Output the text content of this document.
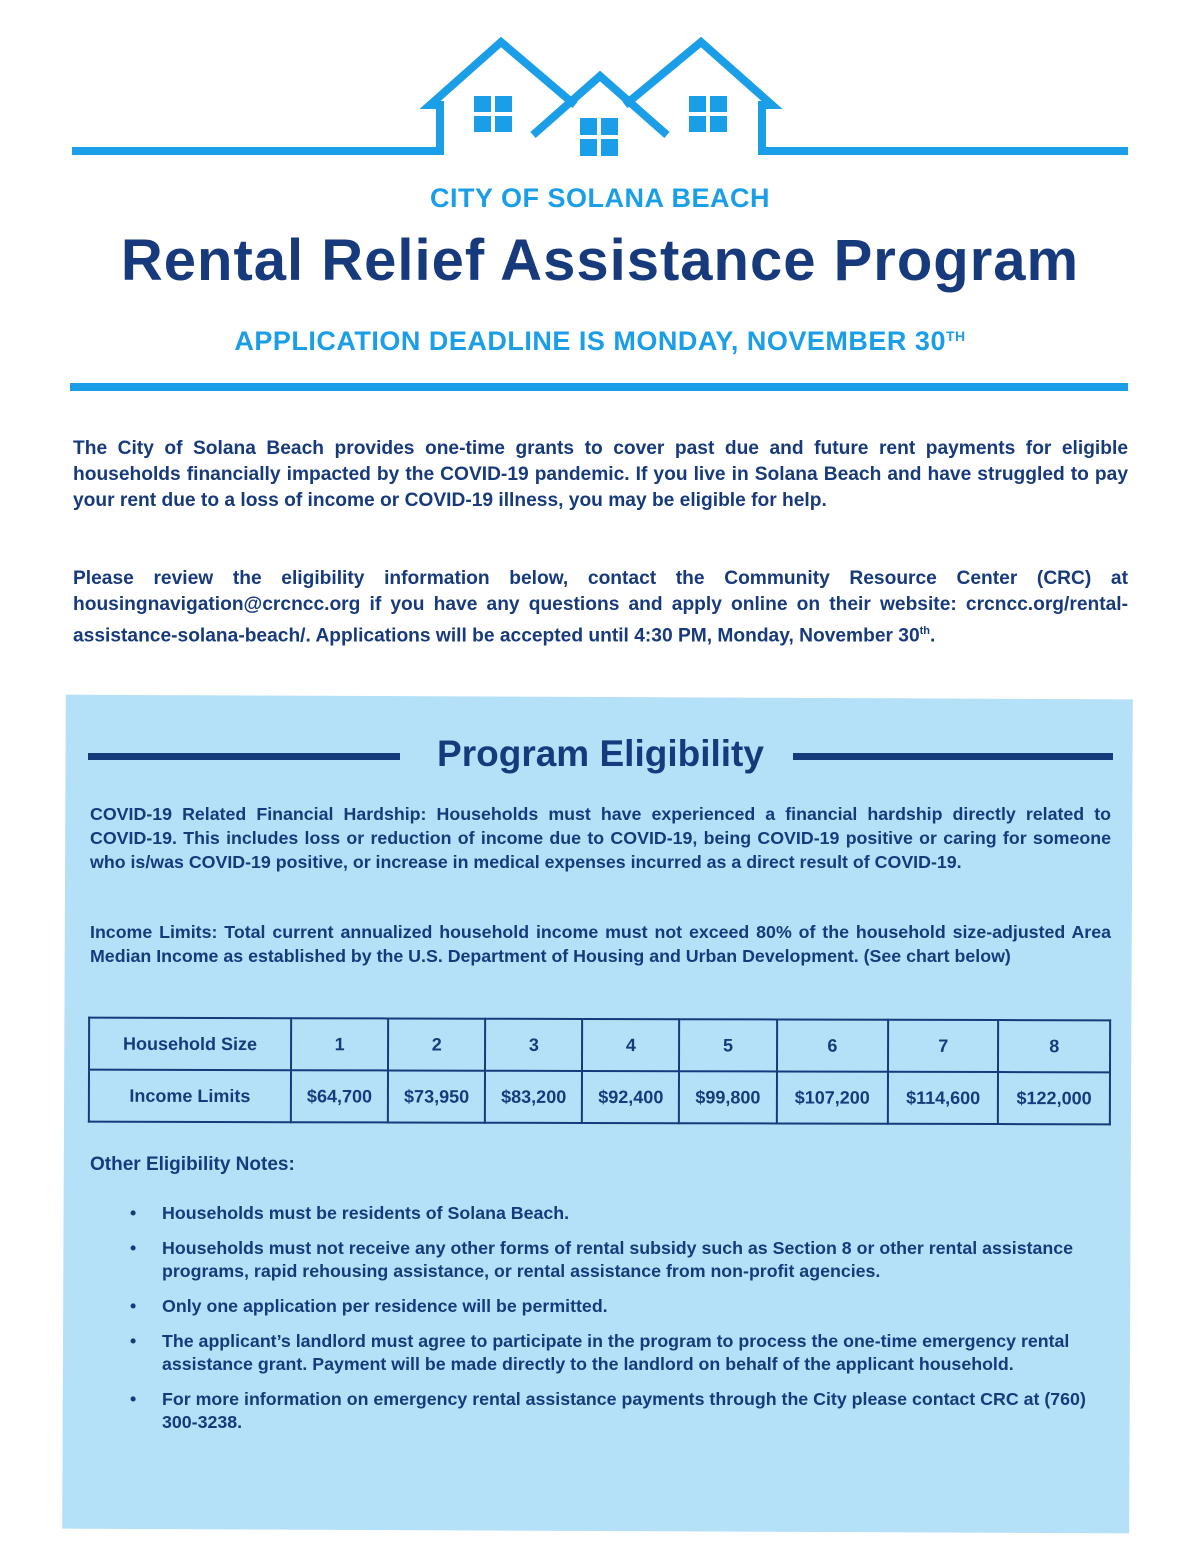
CITY OF SOLANA BEACH
Rental Relief Assistance Program
APPLICATION DEADLINE IS MONDAY, NOVEMBER 30TH

The City of Solana Beach provides one-time grants to cover past due and future rent payments for eligible households financially impacted by the COVID-19 pandemic. If you live in Solana Beach and have struggled to pay your rent due to a loss of income or COVID-19 illness, you may be eligible for help.

Please review the eligibility information below, contact the Community Resource Center (CRC) at housingnavigation@crcncc.org if you have any questions and apply online on their website: crcncc.org/rental-assistance-solana-beach/. Applications will be accepted until 4:30 PM, Monday, November 30th.

Program Eligibility

COVID-19 Related Financial Hardship: Households must have experienced a financial hardship directly related to COVID-19. This includes loss or reduction of income due to COVID-19, being COVID-19 positive or caring for someone who is/was COVID-19 positive, or increase in medical expenses incurred as a direct result of COVID-19.

Income Limits: Total current annualized household income must not exceed 80% of the household size-adjusted Area Median Income as established by the U.S. Department of Housing and Urban Development. (See chart below)

Household Size	1	2	3	4	5	6	7	8
Income Limits	$64,700	$73,950	$83,200	$92,400	$99,800	$107,200	$114,600	$122,000
Other Eligibility Notes:
• Households must be residents of Solana Beach.
• Households must not receive any other forms of rental subsidy such as Section 8 or other rental assistance programs, rapid rehousing assistance, or rental assistance from non-profit agencies.
• Only one application per residence will be permitted.
• The applicant’s landlord must agree to participate in the program to process the one-time emergency rental assistance grant. Payment will be made directly to the landlord on behalf of the applicant household.
• For more information on emergency rental assistance payments through the City please contact CRC at (760) 300-3238.
